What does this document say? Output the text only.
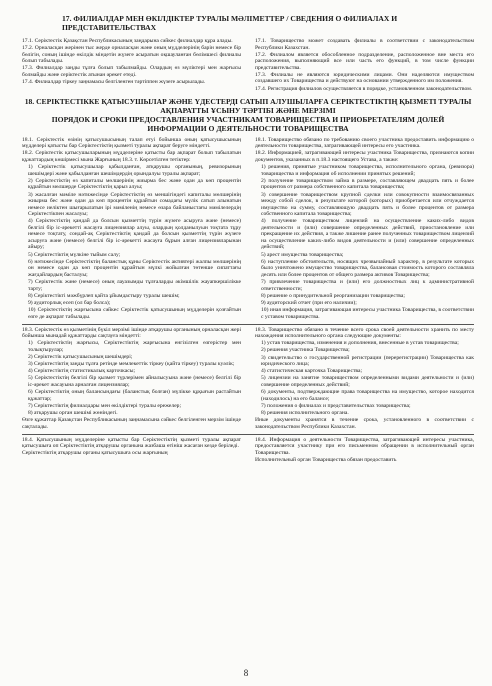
17. ФИЛИАЛДАР МЕН ӨКІЛДІКТЕР ТУРАЛЫ МӘЛІМЕТТЕР / СВЕДЕНИЯ О ФИЛИАЛАХ И ПРЕДСТАВИТЕЛЬСТВАХ

17.1. Серіктестік Қазақстан Республикасының заңдарына сәйкес филиалдар құра алады.

17.2. Орналасқан жерінен тыс жерде орналасқан және оның мүдделерінің барін немесе бір бөлігін, соның ішінде өкілдік міндетін жүзеге асыратын оқшауланған бөлімшесі филиалы болып табылады.

17.3. Филиалдар заңды тұлға болып табылмайды. Олардың өз мүліктері мен жарғысы болмайды және серіктестік атынан әрекет етеді.

17.4. Филиалдар тіркеу заңнамасы белгіленген тәртіппен жүзеге асырылады.

17.1. Товарищество может создавать филиалы в соответствии с законодательством Республики Казахстан.

17.2. Филиалом является обособленное подразделение, расположенное вне места его расположения, выполняющий все или часть его функций, в том числе функции представительства.

17.3. Филиалы не являются юридическими лицами. Они наделяются имуществом создавшего их Товарищества и действуют на основании утвержденного им положения.

17.4. Регистрация филиалов осуществляется в порядке, установленном законодательством.

18. СЕРІКТЕСТІККЕ ҚАТЫСУШЫЛАР ЖӘНЕ ҮДЕСТЕРДІ САТЫП АЛУШЫЛАРҒА СЕРІКТЕСТІКТІҢ ҚЫЗМЕТІ ТУРАЛЫ АҚПАРАТТЫ ҰСЫНУ ТӘРТІБІ ЖӘНЕ МЕРЗІМІ
ПОРЯДОК И СРОКИ ПРЕДОСТАВЛЕНИЯ УЧАСТНИКАМ ТОВАРИЩЕСТВА И ПРИОБРЕТАТЕЛЯМ ДОЛЕЙ ИНФОРМАЦИИ О ДЕЯТЕЛЬНОСТИ ТОВАРИЩЕСТВА

18.1. Серіктестік өзінің қатысушысының талап етуі бойынша оның қатысушысының мүдделері қатысты бар Серіктестіктің қызметі туралы ақпарат беруге міндетті.

18.2. Серіктестік қатысушыларының мүдделеріне қатысты бар ақпарат болып табылатын құжаттардың көшірмесі мына Жарғының 18.3. т. Көрсетілген тетіктер:

1) Серіктестік қатысушылар қабылданған, атқарушы органының, ревизорының шешімдері және қабылданған шешімдердің орындалуы туралы ақпарат;

2) Серіктестіктің өз капиталы мөлшерінің жиырма бес және одан да көп процентін құрайтын мөлшерде Серіктестіктің қарыз алуы;

3) жасалған мәміле нәтижесінде Серіктестіктің өз меншігіндегі капиталы мөлшерінің жиырма бес және одан да көп процентін құрайтын сомадағы мүлік сатып алынатын немесе иеліктен шығарылатын ірі мәміленің немесе өзара байланыстағы мәмілелердің Серіктестікпен жасалуы;

4) Серіктестіктің қандай да болсын қызметтің түрін жүзеге асыруға және (немесе) белгілі бір іс-әрекетті жасауға лицензиялар алуы, олардың қолданылуын тоқтата тұру немесе тоқтату, сондай-ақ Серіктестіктің қандай да болсын қызметтің түрін жүзеге асыруға және (немесе) белгілі бір іс-әрекетті жасауға бұрын алған лицензияларынан айыру;

5) Серіктестіктің мүлкіне тыйым салу;

6) нәтижесінде Серіктестіктің баланстық құны Серіктестік активтері жалпы мөлшерінің он немесе одан да көп процентін құрайтын мүлкі жойылған төтенше сипаттағы жағдайлардың басталуы;

7) Серіктестік және (немесе) оның лауазымды тұлғаларды әкімшілік жауапкершілікке тарту;

8) Серіктестікті мәжбүрлеп қайта ұйымдастыру туралы шешім;

9) аудиторлық есеп (ол бар болса);

10) Серіктестіктің жарғысына сәйкес Серіктестік қатысушының мүдделерін қозғайтын өзге де ақпарат табылады.

18.1. Товарищество обязано по требованию своего участника предоставить информацию о деятельности товарищества, затрагивающей интересы его участника.

18.2. Информацией, затрагивающей интересы участника Товарищества, признаются копии документов, указанных в п.18.3 настоящего Устава, а также:

1) решения, принятые участником товарищества, исполнительного органа, (ревизора) товарищества и информация об исполнении принятых решений;

2) получение товариществом займа в размере, составляющем двадцать пять и более процентов от размера собственного капитала товарищества;

3) совершение товариществом крупной сделки или совокупности взаимосвязанных между собой сделок, в результате которой (которых) приобретается или отчуждается имущество на сумму, составляющую двадцать пять и более процентов от размера собственного капитала товарищества;

4) получение товариществом лицензий на осуществление каких-либо видов деятельности и (или) совершение определенных действий, приостановление или прекращение их действия, а также лишение ранее полученных товариществом лицензий на осуществление каких-либо видов деятельности и (или) совершение определенных действий;

5) арест имущества товарищества;

6) наступление обстоятельств, носящих чрезвычайный характер, в результате которых было уничтожено имущество товарищества, балансовая стоимость которого составляла десять или более процентов от общего размера активов Товарищества;

7) привлечение товарищества и (или) его должностных лиц к административной ответственности;

8) решение о принудительной реорганизации товарищества;

9) аудиторский отчет (при его наличии);

10) иная информация, затрагивающая интересы участника Товарищества, в соответствии с уставом товарищества.

18.3. Серіктестік өз қызметінің бүкіл мерзімі ішінде атқарушы органының орналасқан жері бойынша мынадай құжаттарды сақтауға міндетті:

1) Серіктестіктің жарғысы, Серіктестіктің жарғысына енгізілген өзгерістер мен толықтырулар;

2) Серіктестік қатысушысының шешімдері;

3) Серіктестіктің заңды тұлға ретінде мемлекеттік тіркеу (қайта тіркеу) туралы куәлік;

4) Серіктестіктің статистикалық карточкасы;

5) Серіктестіктің белгілі бір қызмет түрлерімен айналысуына және (немесе) белгілі бір іс-әрекет жасауына арналған лицензиялар;

6) Серіктестіктің оның балансындағы (баланстық болған) мүлікке құқығын растайтын құжаттар;

7) Серіктестіктің филиалдары мен өкілдіктері туралы ережелер;

8) атқарушы орган шешімі жөніндегі.

Өзге құжаттар Қазақстан Республикасының заңнамасына сәйкес белгіленген мерзім ішінде сақталады.

18.3. Товарищество обязано в течение всего срока своей деятельности хранить по месту нахождения исполнительного органа следующие документы:

1) устав товарищества, изменения и дополнения, внесенные в устав товарищества;

2) решения участника Товарищества;

3) свидетельство о государственной регистрации (перерегистрации) Товарищества как юридического лица;

4) статистическая карточка Товарищества;

5) лицензии на занятие товариществом определенными видами деятельности и (или) совершение определенных действий;

6) документы, подтверждающие права товарищества на имущество, которое находится (находилось) на его балансе;

7) положения о филиалах и представительствах товарищества;

8) решения исполнительного органа.

Иные документы хранятся в течение срока, установленного в соответствии с законодательством Республики Казахстан.

18.4. Қатысушының мүдделеріне қатысты бар Серіктестіктің қызметі туралы ақпарат қатысушыға оп Серіктестіктің атқарушы органына жазбаша өтініш жасаған кезде беріледі.

Серіктестіктің атқарушы органы қатысушыға осы жарғының

18.4. Информация о деятельности Товарищества, затрагивающей интересы участника, предоставляется участнику при его письменном обращении в исполнительный орган Товарищества.

Исполнительный орган Товарищества обязан предоставить

8
